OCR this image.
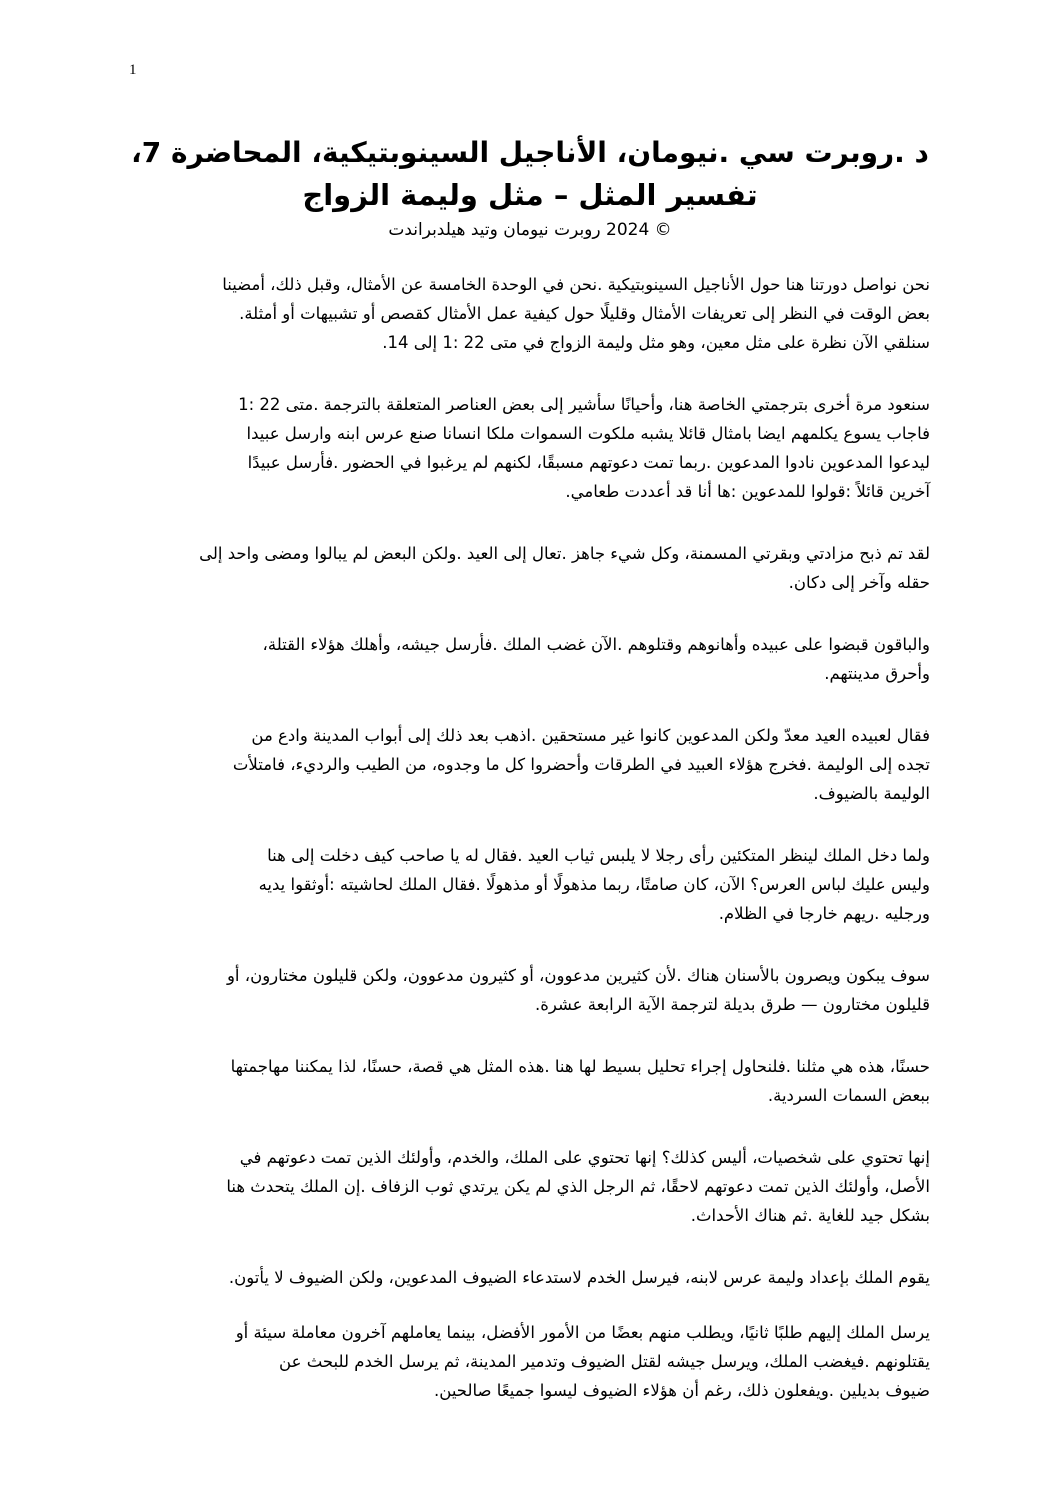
1
د .روبرت سي .نيومان، الأناجيل السينوبتيكية، المحاضرة 7،
تفسير المثل – مثل وليمة الزواج
© 2024 روبرت نيومان وتيد هيلدبراندت

نحن نواصل دورتنا هنا حول الأناجيل السينوبتيكية .نحن في الوحدة الخامسة عن الأمثال، وقبل ذلك، أمضينا
بعض الوقت في النظر إلى تعريفات الأمثال وقليلًا حول كيفية عمل الأمثال كقصص أو تشبيهات أو أمثلة.
سنلقي الآن نظرة على مثل معين، وهو مثل وليمة الزواج في متى 22 :1 إلى 14.

سنعود مرة أخرى بترجمتي الخاصة هنا، وأحيانًا سأشير إلى بعض العناصر المتعلقة بالترجمة .متى 22 :1
فاجاب يسوع يكلمهم ايضا بامثال قائلا يشبه ملكوت السموات ملكا انسانا صنع عرس ابنه وارسل عبيدا
ليدعوا المدعوين نادوا المدعوين .ربما تمت دعوتهم مسبقًا، لكنهم لم يرغبوا في الحضور .فأرسل عبيدًا
آخرين قائلاً :قولوا للمدعوين :ها أنا قد أعددت طعامي.

لقد تم ذبح مزادتي وبقرتي المسمنة، وكل شيء جاهز .تعال إلى العيد .ولكن البعض لم يبالوا ومضى واحد إلى
حقله وآخر إلى دكان.

والباقون قبضوا على عبيده وأهانوهم وقتلوهم .الآن غضب الملك .فأرسل جيشه، وأهلك هؤلاء القتلة،
وأحرق مدينتهم.

فقال لعبيده العيد معدّ ولكن المدعوين كانوا غير مستحقين .اذهب بعد ذلك إلى أبواب المدينة وادع من
تجده إلى الوليمة .فخرج هؤلاء العبيد في الطرقات وأحضروا كل ما وجدوه، من الطيب والرديء، فامتلأت
الوليمة بالضيوف.

ولما دخل الملك لينظر المتكئين رأى رجلا لا يلبس ثياب العيد .فقال له يا صاحب كيف دخلت إلى هنا
وليس عليك لباس العرس؟ الآن، كان صامتًا، ربما مذهولًا أو مذهولًا .فقال الملك لحاشيته :أوثقوا يديه
ورجليه .ريهم خارجا في الظلام.

سوف يبكون ويصرون بالأسنان هناك .لأن كثيرين مدعوون، أو كثيرون مدعوون، ولكن قليلون مختارون، أو
قليلون مختارون — طرق بديلة لترجمة الآية الرابعة عشرة.

حسنًا، هذه هي مثلنا .فلنحاول إجراء تحليل بسيط لها هنا .هذه المثل هي قصة، حسنًا، لذا يمكننا مهاجمتها
ببعض السمات السردية.

إنها تحتوي على شخصيات، أليس كذلك؟ إنها تحتوي على الملك، والخدم، وأولئك الذين تمت دعوتهم في
الأصل، وأولئك الذين تمت دعوتهم لاحقًا، ثم الرجل الذي لم يكن يرتدي ثوب الزفاف .إن الملك يتحدث هنا
بشكل جيد للغاية .ثم هناك الأحداث.

يقوم الملك بإعداد وليمة عرس لابنه، فيرسل الخدم لاستدعاء الضيوف المدعوين، ولكن الضيوف لا يأتون.

يرسل الملك إليهم طلبًا ثانيًا، ويطلب منهم بعضًا من الأمور الأفضل، بينما يعاملهم آخرون معاملة سيئة أو
يقتلونهم .فيغضب الملك، ويرسل جيشه لقتل الضيوف وتدمير المدينة، ثم يرسل الخدم للبحث عن
ضيوف بديلين .ويفعلون ذلك، رغم أن هؤلاء الضيوف ليسوا جميعًا صالحين.
